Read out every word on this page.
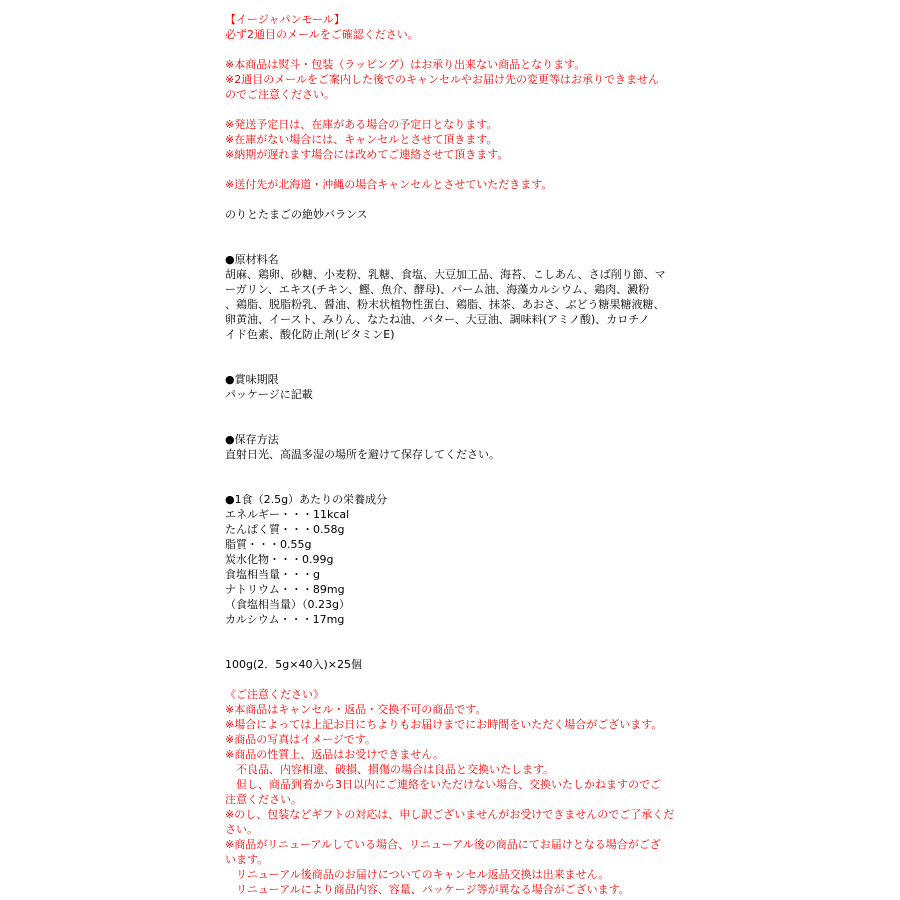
【イージャパンモール】
必ず2通目のメールをご確認ください。
※本商品は熨斗・包装（ラッピング）はお承り出来ない商品となります。
※2通目のメールをご案内した後でのキャンセルやお届け先の変更等はお承りできません
のでご注意ください。
※発送予定日は、在庫がある場合の予定日となります。
※在庫がない場合には、キャンセルとさせて頂きます。
※納期が遅れます場合には改めてご連絡させて頂きます。
※送付先が北海道・沖縄の場合キャンセルとさせていただきます。
のりとたまごの絶妙バランス
●原材料名
胡麻、鶏卵、砂糖、小麦粉、乳糖、食塩、大豆加工品、海苔、こしあん、さば削り節、マ
ーガリン、エキス(チキン、鰹、魚介、酵母)、パーム油、海藻カルシウム、鶏肉、澱粉
、鶏脂、脱脂粉乳、醤油、粉末状植物性蛋白、鶏脂、抹茶、あおさ、ぶどう糖果糖液糖、
卵黄油、イースト、みりん、なたね油、バター、大豆油、調味料(アミノ酸)、カロチノ
イド色素、酸化防止剤(ビタミンE)
●賞味期限
パッケージに記載
●保存方法
直射日光、高温多湿の場所を避けて保存してください。
●1食（2.5g）あたりの栄養成分
エネルギー・・・11kcal
たんぱく質・・・0.58g
脂質・・・0.55g
炭水化物・・・0.99g
食塩相当量・・・g
ナトリウム・・・89mg
（食塩相当量）（0.23g）
カルシウム・・・17mg
100g(2．5g×40入)×25個
《ご注意ください》
※本商品はキャンセル・返品・交換不可の商品です。
※場合によっては上記お日にちよりもお届けまでにお時間をいただく場合がございます。
※商品の写真はイメージです。
※商品の性質上、返品はお受けできません。
　不良品、内容相違、破損、損傷の場合は良品と交換いたします。
　但し、商品到着から3日以内にご連絡をいただけない場合、交換いたしかねますのでご
注意ください。
※のし、包装などギフトの対応は、申し訳ございませんがお受けできませんのでご了承くだ
さい。
※商品がリニューアルしている場合、リニューアル後の商品にてお届けとなる場合がござ
います。
　リニューアル後商品のお届けについてのキャンセル返品交換は出来ません。
　リニューアルにより商品内容、容量、パッケージ等が異なる場合がございます。
